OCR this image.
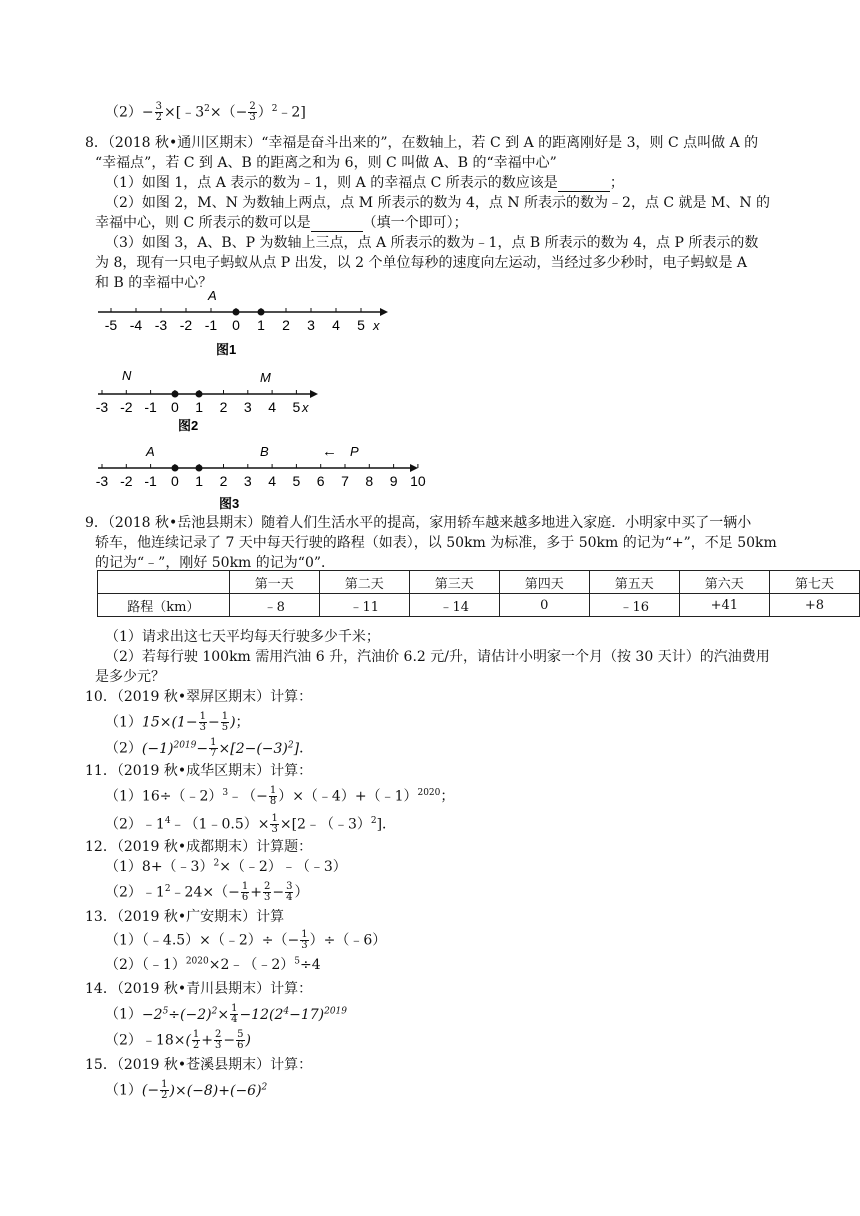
$(2)- \frac{3}{2}$ $\times[﹣3^2\times(- \frac{2}{3}$ ）$^2$﹣2]
8．（2018 秋•通川区期末）“幸福是奋斗出来的”，在数轴上，若 C 到 A 的距离刚好是 3，则 C 点叫做 A 的
“幸福点”，若 C 到 A、B 的距离之和为 6，则 C 叫做 A、B 的“幸福中心”
（1）如图 1，点 A 表示的数为﹣1，则 A 的幸福点 C 所表示的数应该是	；
（2）如图 2，M、N 为数轴上两点，点 M 所表示的数为 4，点 N 所表示的数为﹣2，点 C 就是 M、N 的
幸福中心，则 C 所表示的数可以是	（填一个即可）；
（3）如图 3，A、B、P 为数轴上三点，点 A 所表示的数为﹣1，点 B 所表示的数为 4，点 P 所表示的数
为 8，现有一只电子蚂蚁从点 P 出发，以 2 个单位每秒的速度向左运动，当经过多少秒时，电子蚂蚁是 A
和 B 的幸福中心？
-5 -4 -3 -2 -1 0 1 2 3 4 5
A
x
图1
-3 -2 -1 0 1 2 3 4 5
N	M
x
图2
-3 -2 -1 0 1 2 3 4 5 6 7 8 9 10
A	B	← P
图3
9．（2018 秋•岳池县期末）随着人们生活水平的提高，家用轿车越来越多地进入家庭．小明家中买了一辆小
轿车，他连续记录了 7 天中每天行驶的路程（如表），以 50km 为标准，多于 50km 的记为“+”，不足 50km
的记为“﹣”，刚好 50km 的记为“0”．
	第一天	第二天	第三天	第四天	第五天	第六天	第七天
路程（km）	﹣8	﹣11	﹣14	0	﹣16	+41	+8
（1）请求出这七天平均每天行驶多少千米；
（2）若每行驶 100km 需用汽油 6 升，汽油价 6.2 元/升，请估计小明家一个月（按 30 天计）的汽油费用
是多少元？
10．（2019 秋•翠屏区期末）计算：
$(1)15\times(1- \frac{1}{3} - \frac{1}{5}$ )；
$(2)(-1)^{2019}- \frac{1}{7} \times[2-(-3)^2]$．
11．（2019 秋•成华区期末）计算：
（1）16÷（﹣2）$^3$﹣（− $\frac{1}{8}$ ）×（﹣4）+（﹣1）$^{2020}$；
$(2)﹣1^4﹣(1﹣0.5)\times \frac{1}{3}$ ×[2﹣（﹣3）$^2$]．
12．（2019 秋•成都期末）计算题：
（1）8+（﹣3）$^2$×（﹣2）﹣（﹣3）
$(2)﹣1^2﹣24\times(- \frac{1}{6} + \frac{2}{3} - \frac{3}{4}$ ）
13．（2019 秋•广安期末）计算
（1）（﹣4.5）×（﹣2）÷（− $\frac{1}{3}$ ）÷（﹣6）
（2）（﹣1）$^{2020}$×2﹣（﹣2）$^5$÷4
14．（2019 秋•青川县期末）计算：
$(1)-2^5\div(-2)^2\times \frac{1}{4} -12(2^4-17)^{2019}$
（2）﹣18×( $\frac{1}{2} + \frac{2}{3} - \frac{5}{6}$ )
15．（2019 秋•苍溪县期末）计算：
$(1)(- \frac{1}{2} )\times(-8)+(-6)^2$
